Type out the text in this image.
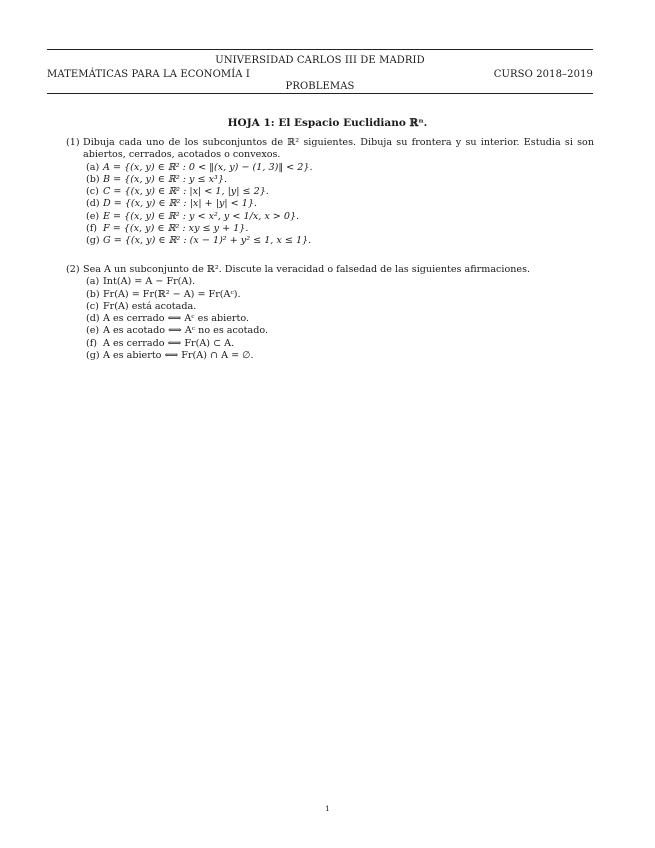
UNIVERSIDAD CARLOS III DE MADRID
MATEMÁTICAS PARA LA ECONOMÍA I	CURSO 2018–2019
PROBLEMAS
HOJA 1: El Espacio Euclidiano ℝⁿ.
(1) Dibuja cada uno de los subconjuntos de ℝ² siguientes. Dibuja su frontera y su interior. Estudia si son abiertos, cerrados, acotados o convexos.
(a) A = {(x, y) ∈ ℝ² : 0 < ‖(x, y) − (1, 3)‖ < 2}.
(b) B = {(x, y) ∈ ℝ² : y ≤ x³}.
(c) C = {(x, y) ∈ ℝ² : |x| < 1, |y| ≤ 2}.
(d) D = {(x, y) ∈ ℝ² : |x| + |y| < 1}.
(e) E = {(x, y) ∈ ℝ² : y < x², y < 1/x, x > 0}.
(f) F = {(x, y) ∈ ℝ² : xy ≤ y + 1}.
(g) G = {(x, y) ∈ ℝ² : (x − 1)² + y² ≤ 1, x ≤ 1}.
(2) Sea A un subconjunto de ℝ². Discute la veracidad o falsedad de las siguientes afirmaciones.
(a) Int(A) = A − Fr(A).
(b) Fr(A) = Fr(ℝ² − A) = Fr(Aᶜ).
(c) Fr(A) está acotada.
(d) A es cerrado ⟺ Aᶜ es abierto.
(e) A es acotado ⟺ Aᶜ no es acotado.
(f) A es cerrado ⟺ Fr(A) ⊂ A.
(g) A es abierto ⟺ Fr(A) ∩ A = ∅.
1
